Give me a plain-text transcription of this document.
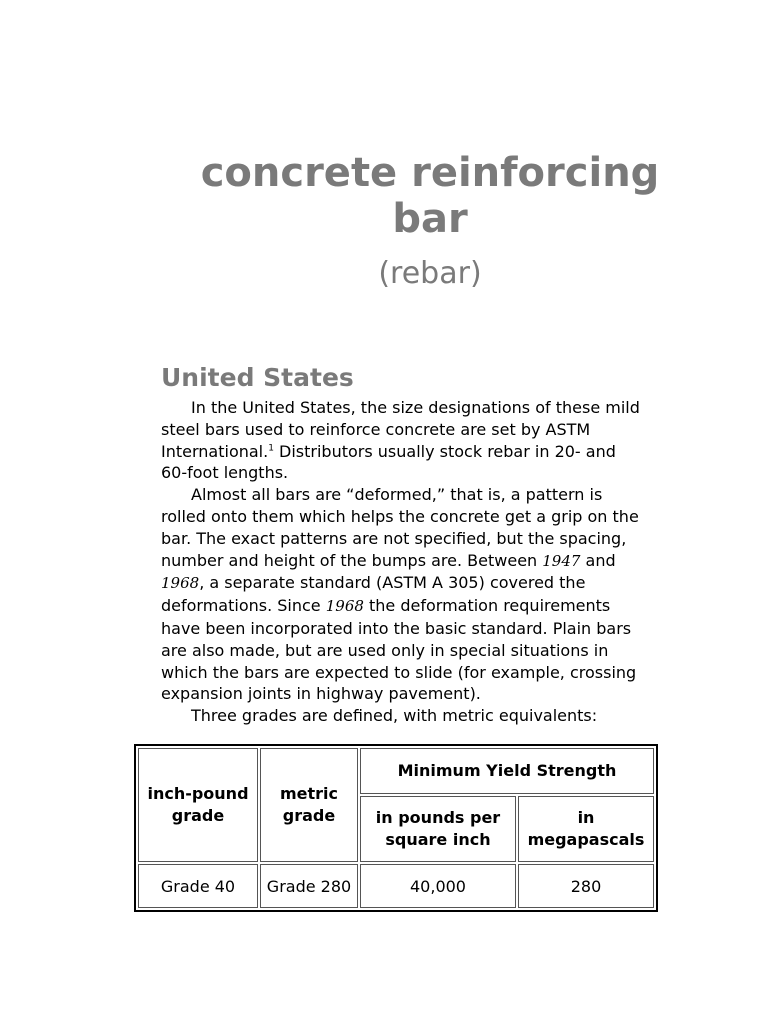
concrete reinforcing bar
(rebar)
United States

In the United States, the size designations of these mild steel bars used to reinforce concrete are set by ASTM International.$^1$ Distributors usually stock rebar in 20- and 60-foot lengths.

Almost all bars are “deformed,” that is, a pattern is rolled onto them which helps the concrete get a grip on the bar. The exact patterns are not specified, but the spacing, number and height of the bumps are. Between 1947 and 1968, a separate standard (ASTM A 305) covered the deformations. Since 1968 the deformation requirements have been incorporated into the basic standard. Plain bars are also made, but are used only in special situations in which the bars are expected to slide (for example, crossing expansion joints in highway pavement).

Three grades are defined, with metric equivalents:

inch-pound grade	metric grade	Minimum Yield Strength	
		in pounds per square inch	in megapascals
Grade 40	Grade 280	40,000	280
